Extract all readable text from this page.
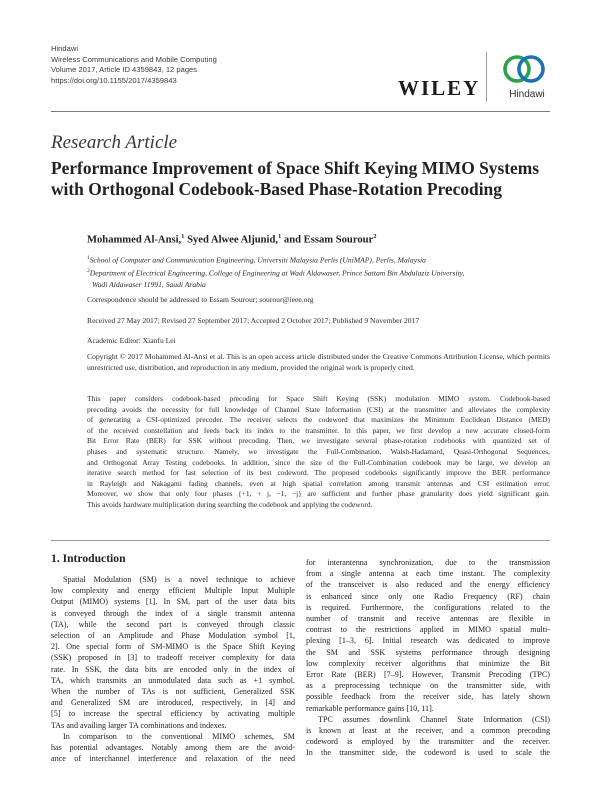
Hindawi
Wireless Communications and Mobile Computing
Volume 2017, Article ID 4359843, 12 pages
https://doi.org/10.1155/2017/4359843	WILEY	Hindawi
Research Article
Performance Improvement of Space Shift Keying MIMO Systems
with Orthogonal Codebook-Based Phase-Rotation Precoding
Mohammed Al-Ansi,$^1$ Syed Alwee Aljunid,$^1$ and Essam Sourour$^2$
$^1$School of Computer and Communication Engineering, Universiti Malaysia Perlis (UniMAP), Perlis, Malaysia
$^2$Department of Electrical Engineering, College of Engineering at Wadi Aldawaser, Prince Sattam Bin Abdulaziz University,
Wadi Aldawaser 11991, Saudi Arabia
Correspondence should be addressed to Essam Sourour; sourour@ieee.org
Received 27 May 2017; Revised 27 September 2017; Accepted 2 October 2017; Published 9 November 2017
Academic Editor: Xianfu Lei
Copyright © 2017 Mohammed Al-Ansi et al. This is an open access article distributed under the Creative Commons Attribution License, which permits unrestricted use, distribution, and reproduction in any medium, provided the original work is properly cited.
This paper considers codebook-based precoding for Space Shift Keying (SSK) modulation MIMO system. Codebook-based
precoding avoids the necessity for full knowledge of Channel State Information (CSI) at the transmitter and alleviates the complexity
of generating a CSI-optimized precoder. The receiver selects the codeword that maximizes the Minimum Euclidean Distance (MED)
of the received constellation and feeds back its index to the transmitter. In this paper, we first develop a new accurate closed-form
Bit Error Rate (BER) for SSK without precoding. Then, we investigate several phase-rotation codebooks with quantized set of
phases and systematic structure. Namely, we investigate the Full-Combination, Walsh-Hadamard, Quasi-Orthogonal Sequences,
and Orthogonal Array Testing codebooks. In addition, since the size of the Full-Combination codebook may be large, we develop an
iterative search method for fast selection of its best codeword. The proposed codebooks significantly improve the BER performance
in Rayleigh and Nakagami fading channels, even at high spatial correlation among transmit antennas and CSI estimation error.
Moreover, we show that only four phases {+1, + j, −1, −j} are sufficient and further phase granularity does yield significant gain.
This avoids hardware multiplication during searching the codebook and applying the codeword.
1. Introduction
Spatial Modulation (SM) is a novel technique to achieve
low complexity and energy efficient Multiple Input Multiple
Output (MIMO) systems [1]. In SM, part of the user data bits
is conveyed through the index of a single transmit antenna
(TA), while the second part is conveyed through classic
selection of an Amplitude and Phase Modulation symbol [1,
2]. One special form of SM-MIMO is the Space Shift Keying
(SSK) proposed in [3] to tradeoff receiver complexity for data
rate. In SSK, the data bits are encoded only in the index of
TA, which transmits an unmodulated data such as +1 symbol.
When the number of TAs is not sufficient, Generalized SSK
and Generalized SM are introduced, respectively, in [4] and
[5] to increase the spectral efficiency by activating multiple
TAs and availing larger TA combinations and indexes.
In comparison to the conventional MIMO schemes, SM
has potential advantages. Notably among them are the avoid-
ance of interchannel interference and relaxation of the need
for interantenna synchronization, due to the transmission
from a single antenna at each time instant. The complexity
of the transceiver is also reduced and the energy efficiency
is enhanced since only one Radio Frequency (RF) chain
is required. Furthermore, the configurations related to the
number of transmit and receive antennas are flexible in
contrast to the restrictions applied in MIMO spatial multi-
plexing [1–3, 6]. Initial research was dedicated to improve
the SM and SSK systems performance through designing
low complexity receiver algorithms that minimize the Bit
Error Rate (BER) [7–9]. However, Transmit Precoding (TPC)
as a preprocessing technique on the transmitter side, with
possible feedback from the receiver side, has lately shown
remarkable performance gains [10, 11].
TPC assumes downlink Channel State Information (CSI)
is known at least at the receiver, and a common precoding
codeword is employed by the transmitter and the receiver.
In the transmitter side, the codeword is used to scale the
